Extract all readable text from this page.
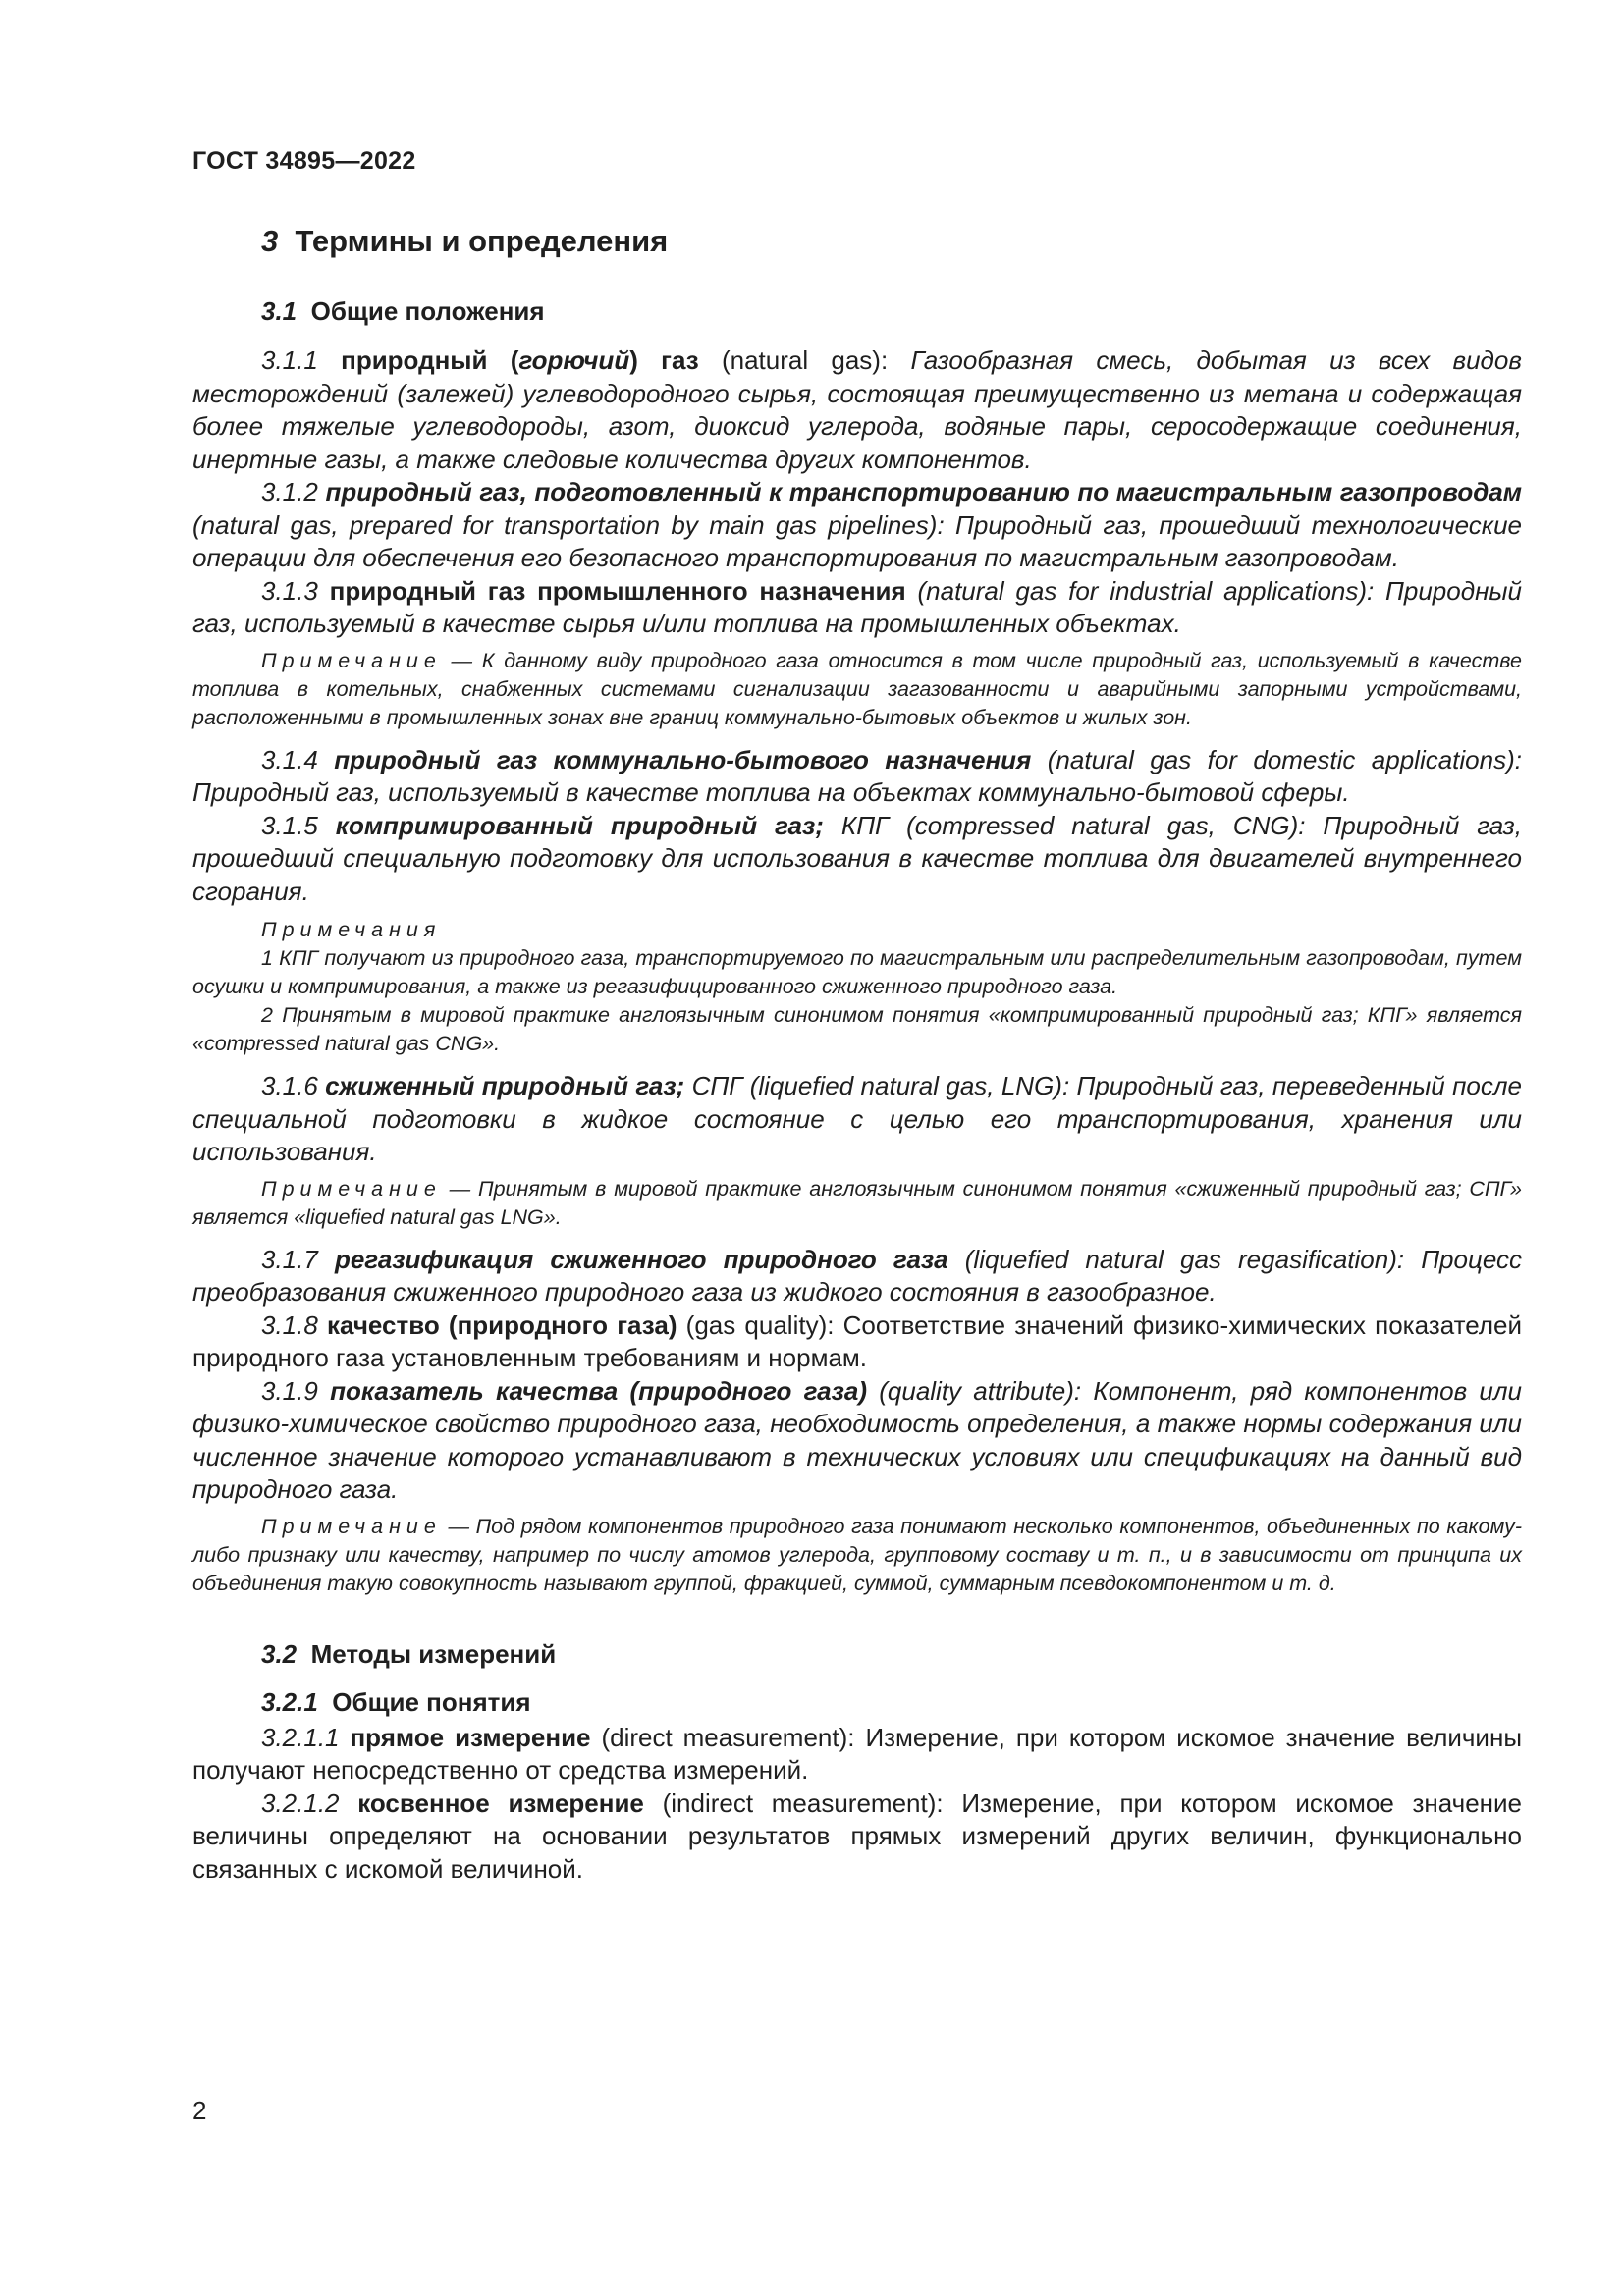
ГОСТ 34895—2022
3 Термины и определения
3.1 Общие положения

3.1.1 природный (горючий) газ (natural gas): Газообразная смесь, добытая из всех видов месторождений (залежей) углеводородного сырья, состоящая преимущественно из метана и содержащая более тяжелые углеводороды, азот, диоксид углерода, водяные пары, серосодержащие соединения, инертные газы, а также следовые количества других компонентов.

3.1.2 природный газ, подготовленный к транспортированию по магистральным газопроводам (natural gas, prepared for transportation by main gas pipelines): Природный газ, прошедший технологические операции для обеспечения его безопасного транспортирования по магистральным газопроводам.

3.1.3 природный газ промышленного назначения (natural gas for industrial applications): Природный газ, используемый в качестве сырья и/или топлива на промышленных объектах.

Примечание — К данному виду природного газа относится в том числе природный газ, используемый в качестве топлива в котельных, снабженных системами сигнализации загазованности и аварийными запорными устройствами, расположенными в промышленных зонах вне границ коммунально-бытовых объектов и жилых зон.

3.1.4 природный газ коммунально-бытового назначения (natural gas for domestic applications): Природный газ, используемый в качестве топлива на объектах коммунально-бытовой сферы.

3.1.5 компримированный природный газ; КПГ (compressed natural gas, CNG): Природный газ, прошедший специальную подготовку для использования в качестве топлива для двигателей внутреннего сгорания.

Примечания

1 КПГ получают из природного газа, транспортируемого по магистральным или распределительным газопроводам, путем осушки и компримирования, а также из регазифицированного сжиженного природного газа.

2 Принятым в мировой практике англоязычным синонимом понятия «компримированный природный газ; КПГ» является «compressed natural gas CNG».

3.1.6 сжиженный природный газ; СПГ (liquefied natural gas, LNG): Природный газ, переведенный после специальной подготовки в жидкое состояние с целью его транспортирования, хранения или использования.

Примечание — Принятым в мировой практике англоязычным синонимом понятия «сжиженный природный газ; СПГ» является «liquefied natural gas LNG».

3.1.7 регазификация сжиженного природного газа (liquefied natural gas regasification): Процесс преобразования сжиженного природного газа из жидкого состояния в газообразное.

3.1.8 качество (природного газа) (gas quality): Соответствие значений физико-химических показателей природного газа установленным требованиям и нормам.

3.1.9 показатель качества (природного газа) (quality attribute): Компонент, ряд компонентов или физико-химическое свойство природного газа, необходимость определения, а также нормы содержания или численное значение которого устанавливают в технических условиях или спецификациях на данный вид природного газа.

Примечание — Под рядом компонентов природного газа понимают несколько компонентов, объединенных по какому-либо признаку или качеству, например по числу атомов углерода, групповому составу и т. п., и в зависимости от принципа их объединения такую совокупность называют группой, фракцией, суммой, суммарным псевдокомпонентом и т. д.

3.2 Методы измерений
3.2.1 Общие понятия

3.2.1.1 прямое измерение (direct measurement): Измерение, при котором искомое значение величины получают непосредственно от средства измерений.

3.2.1.2 косвенное измерение (indirect measurement): Измерение, при котором искомое значение величины определяют на основании результатов прямых измерений других величин, функционально связанных с искомой величиной.

2
